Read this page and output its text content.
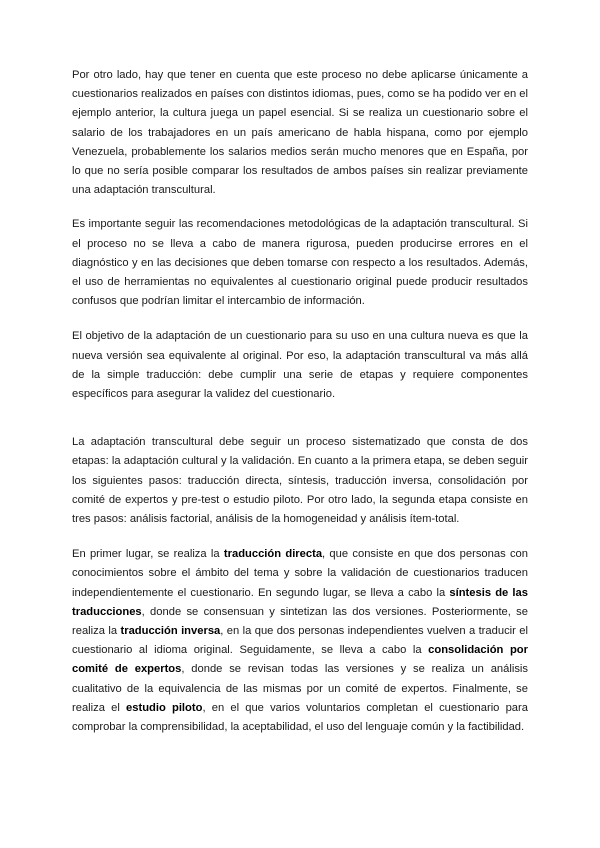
Por otro lado, hay que tener en cuenta que este proceso no debe aplicarse únicamente a cuestionarios realizados en países con distintos idiomas, pues, como se ha podido ver en el ejemplo anterior, la cultura juega un papel esencial. Si se realiza un cuestionario sobre el salario de los trabajadores en un país americano de habla hispana, como por ejemplo Venezuela, probablemente los salarios medios serán mucho menores que en España, por lo que no sería posible comparar los resultados de ambos países sin realizar previamente una adaptación transcultural.

Es importante seguir las recomendaciones metodológicas de la adaptación transcultural. Si el proceso no se lleva a cabo de manera rigurosa, pueden producirse errores en el diagnóstico y en las decisiones que deben tomarse con respecto a los resultados. Además, el uso de herramientas no equivalentes al cuestionario original puede producir resultados confusos que podrían limitar el intercambio de información.

El objetivo de la adaptación de un cuestionario para su uso en una cultura nueva es que la nueva versión sea equivalente al original. Por eso, la adaptación transcultural va más allá de la simple traducción: debe cumplir una serie de etapas y requiere componentes específicos para asegurar la validez del cuestionario.

La adaptación transcultural debe seguir un proceso sistematizado que consta de dos etapas: la adaptación cultural y la validación. En cuanto a la primera etapa, se deben seguir los siguientes pasos: traducción directa, síntesis, traducción inversa, consolidación por comité de expertos y pre-test o estudio piloto. Por otro lado, la segunda etapa consiste en tres pasos: análisis factorial, análisis de la homogeneidad y análisis ítem-total.

En primer lugar, se realiza la traducción directa, que consiste en que dos personas con conocimientos sobre el ámbito del tema y sobre la validación de cuestionarios traducen independientemente el cuestionario. En segundo lugar, se lleva a cabo la síntesis de las traducciones, donde se consensuan y sintetizan las dos versiones. Posteriormente, se realiza la traducción inversa, en la que dos personas independientes vuelven a traducir el cuestionario al idioma original. Seguidamente, se lleva a cabo la consolidación por comité de expertos, donde se revisan todas las versiones y se realiza un análisis cualitativo de la equivalencia de las mismas por un comité de expertos. Finalmente, se realiza el estudio piloto, en el que varios voluntarios completan el cuestionario para comprobar la comprensibilidad, la aceptabilidad, el uso del lenguaje común y la factibilidad.
